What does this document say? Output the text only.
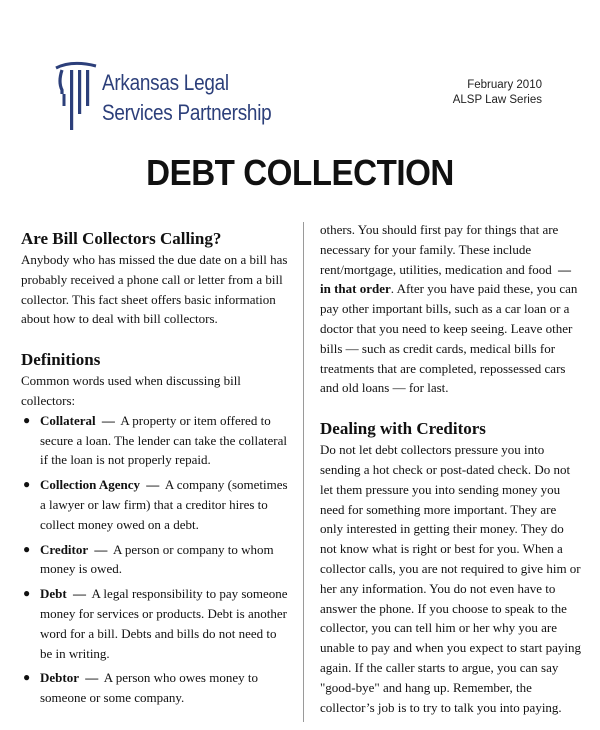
Arkansas Legal
Services Partnership
February 2010
ALSP Law Series
DEBT COLLECTION
Are Bill Collectors Calling?

Anybody who has missed the due date on a bill has probably received a phone call or letter from a bill collector. This fact sheet offers basic information about how to deal with bill collectors.

Definitions

Common words used when discussing bill collectors:

● Collateral — A property or item offered to secure a loan. The lender can take the collateral if the loan is not properly repaid.
● Collection Agency — A company (sometimes a lawyer or law firm) that a creditor hires to collect money owed on a debt.
● Creditor — A person or company to whom money is owed.
● Debt — A legal responsibility to pay someone money for services or products. Debt is another word for a bill. Debts and bills do not need to be in writing.
● Debtor — A person who owes money to someone or some company.

others. You should first pay for things that are necessary for your family. These include rent/mortgage, utilities, medication and food — in that order. After you have paid these, you can pay other important bills, such as a car loan or a doctor that you need to keep seeing. Leave other bills — such as credit cards, medical bills for treatments that are completed, repossessed cars and old loans — for last.

Dealing with Creditors

Do not let debt collectors pressure you into sending a hot check or post-dated check. Do not let them pressure you into sending money you need for something more important. They are only interested in getting their money. They do not know what is right or best for you. When a collector calls, you are not required to give him or her any information. You do not even have to answer the phone. If you choose to speak to the collector, you can tell him or her why you are unable to pay and when you expect to start paying again. If the caller starts to argue, you can say "good-bye" and hang up. Remember, the collector’s job is to try to talk you into paying.
